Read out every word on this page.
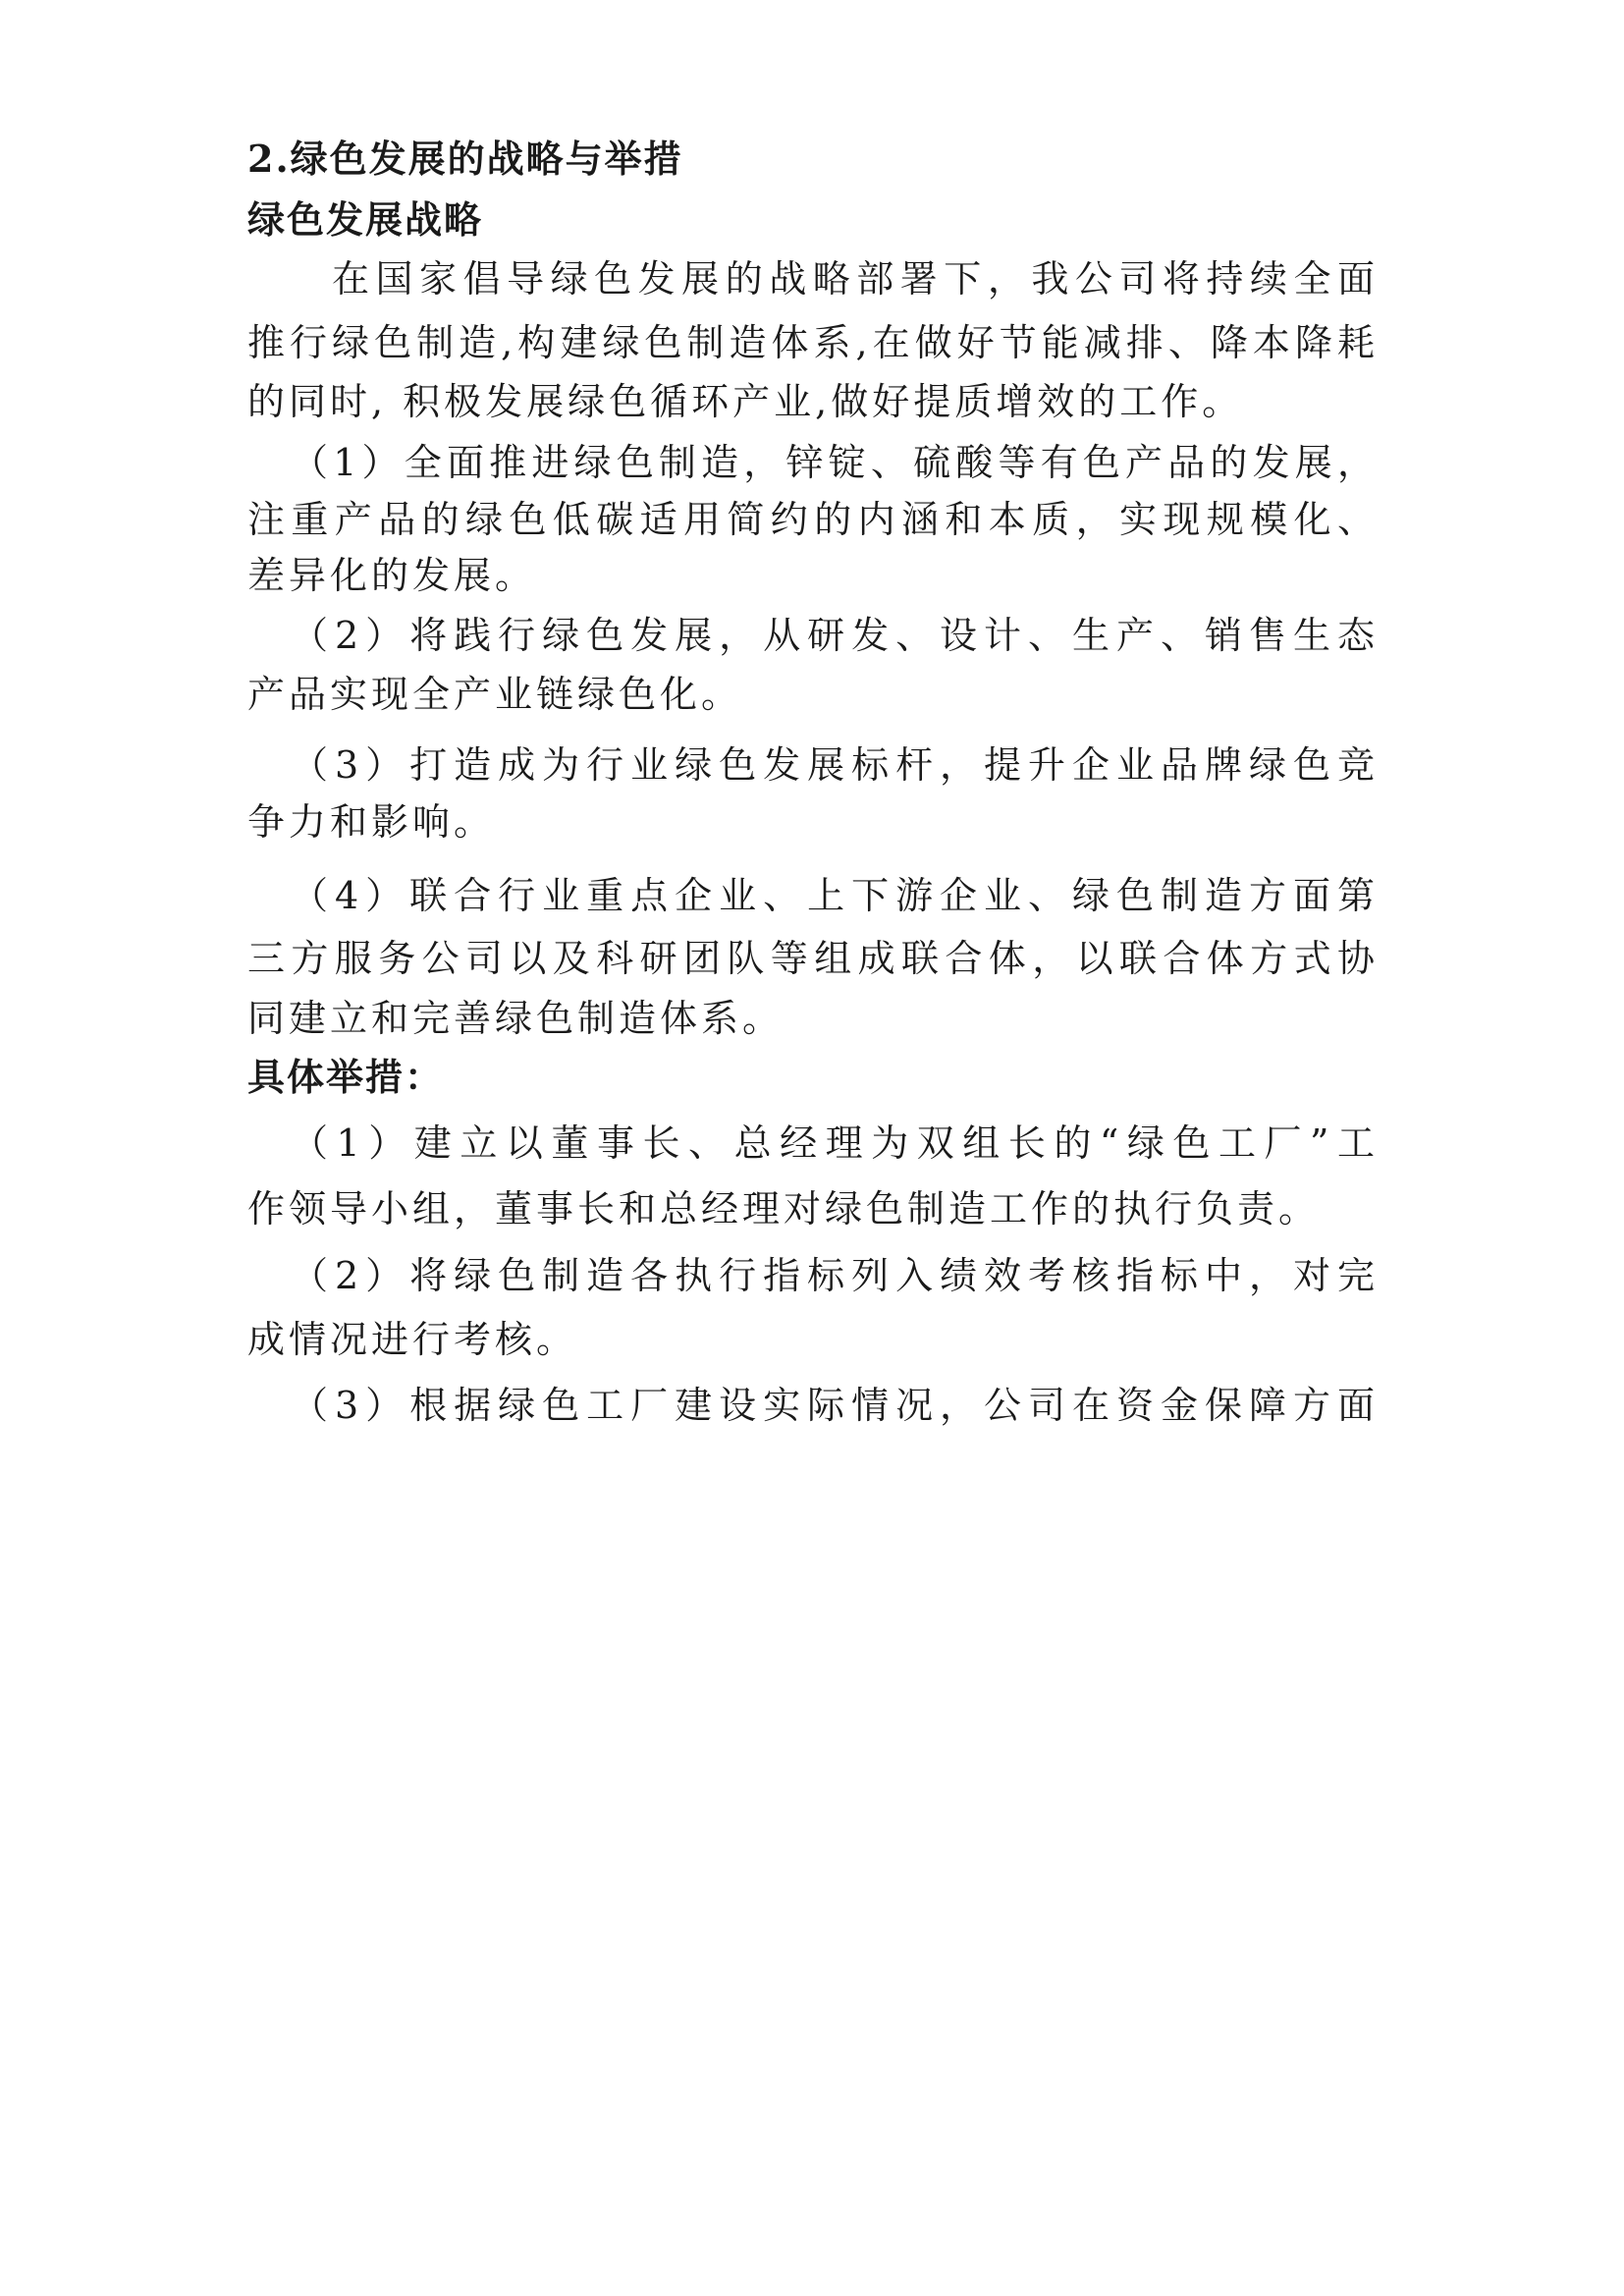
2.绿色发展的战略与举措
绿色发展战略
在国家倡导绿色发展的战略部署下，我公司将持续全面
推行绿色制造,构建绿色制造体系,在做好节能减排、降本降耗
的同时, 积极发展绿色循环产业,做好提质增效的工作。
（1）全面推进绿色制造，锌锭、硫酸等有色产品的发展，
注重产品的绿色低碳适用简约的内涵和本质，实现规模化、
差异化的发展。
（2）将践行绿色发展，从研发、设计、生产、销售生态
产品实现全产业链绿色化。
（3）打造成为行业绿色发展标杆，提升企业品牌绿色竞
争力和影响。
（4）联合行业重点企业、上下游企业、绿色制造方面第
三方服务公司以及科研团队等组成联合体，以联合体方式协
同建立和完善绿色制造体系。
具体举措：
（1）建立以董事长、总经理为双组长的“绿色工厂”工
作领导小组，董事长和总经理对绿色制造工作的执行负责。
（2）将绿色制造各执行指标列入绩效考核指标中，对完
成情况进行考核。
（3）根据绿色工厂建设实际情况，公司在资金保障方面
